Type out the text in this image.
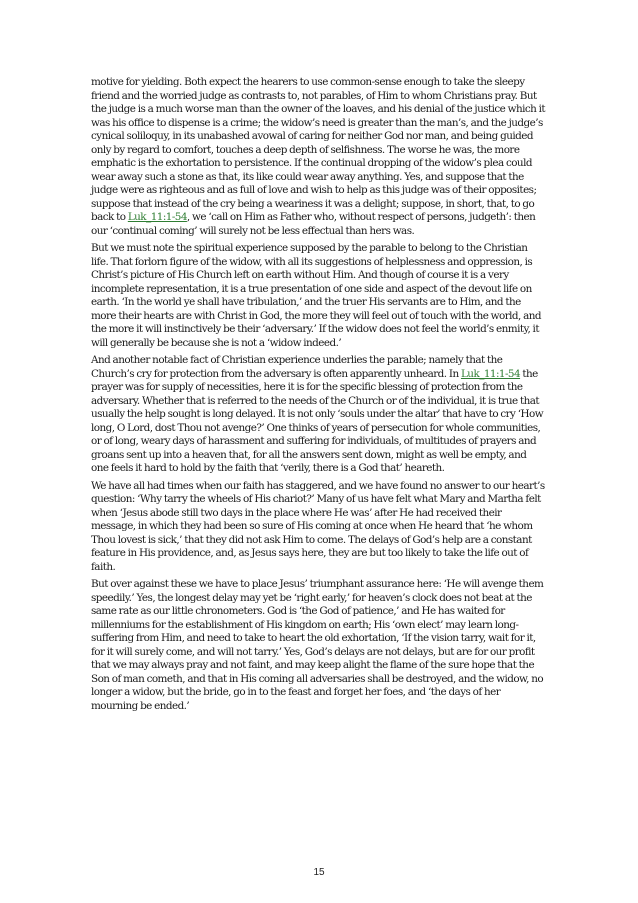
motive for yielding. Both expect the hearers to use common-sense enough to take the sleepy friend and the worried judge as contrasts to, not parables, of Him to whom Christians pray. But the judge is a much worse man than the owner of the loaves, and his denial of the justice which it was his office to dispense is a crime; the widow’s need is greater than the man’s, and the judge’s cynical soliloquy, in its unabashed avowal of caring for neither God nor man, and being guided only by regard to comfort, touches a deep depth of selfishness. The worse he was, the more emphatic is the exhortation to persistence. If the continual dropping of the widow’s plea could wear away such a stone as that, its like could wear away anything. Yes, and suppose that the judge were as righteous and as full of love and wish to help as this judge was of their opposites; suppose that instead of the cry being a weariness it was a delight; suppose, in short, that, to go back to Luk_11:1-54, we ‘call on Him as Father who, without respect of persons, judgeth’: then our ‘continual coming’ will surely not be less effectual than hers was.

But we must note the spiritual experience supposed by the parable to belong to the Christian life. That forlorn figure of the widow, with all its suggestions of helplessness and oppression, is Christ’s picture of His Church left on earth without Him. And though of course it is a very incomplete representation, it is a true presentation of one side and aspect of the devout life on earth. ‘In the world ye shall have tribulation,’ and the truer His servants are to Him, and the more their hearts are with Christ in God, the more they will feel out of touch with the world, and the more it will instinctively be their ‘adversary.’ If the widow does not feel the world’s enmity, it will generally be because she is not a ‘widow indeed.’

And another notable fact of Christian experience underlies the parable; namely that the Church’s cry for protection from the adversary is often apparently unheard. In Luk_11:1-54 the prayer was for supply of necessities, here it is for the specific blessing of protection from the adversary. Whether that is referred to the needs of the Church or of the individual, it is true that usually the help sought is long delayed. It is not only ‘souls under the altar’ that have to cry ‘How long, O Lord, dost Thou not avenge?’ One thinks of years of persecution for whole communities, or of long, weary days of harassment and suffering for individuals, of multitudes of prayers and groans sent up into a heaven that, for all the answers sent down, might as well be empty, and one feels it hard to hold by the faith that ‘verily, there is a God that’ heareth.

We have all had times when our faith has staggered, and we have found no answer to our heart’s question: ‘Why tarry the wheels of His chariot?’ Many of us have felt what Mary and Martha felt when ‘Jesus abode still two days in the place where He was’ after He had received their message, in which they had been so sure of His coming at once when He heard that ‘he whom Thou lovest is sick,’ that they did not ask Him to come. The delays of God’s help are a constant feature in His providence, and, as Jesus says here, they are but too likely to take the life out of faith.

But over against these we have to place Jesus’ triumphant assurance here: ‘He will avenge them speedily.’ Yes, the longest delay may yet be ‘right early,’ for heaven’s clock does not beat at the same rate as our little chronometers. God is ‘the God of patience,’ and He has waited for millenniums for the establishment of His kingdom on earth; His ‘own elect’ may learn long-suffering from Him, and need to take to heart the old exhortation, ‘If the vision tarry, wait for it, for it will surely come, and will not tarry.’ Yes, God’s delays are not delays, but are for our profit that we may always pray and not faint, and may keep alight the flame of the sure hope that the Son of man cometh, and that in His coming all adversaries shall be destroyed, and the widow, no longer a widow, but the bride, go in to the feast and forget her foes, and ‘the days of her mourning be ended.’

15
